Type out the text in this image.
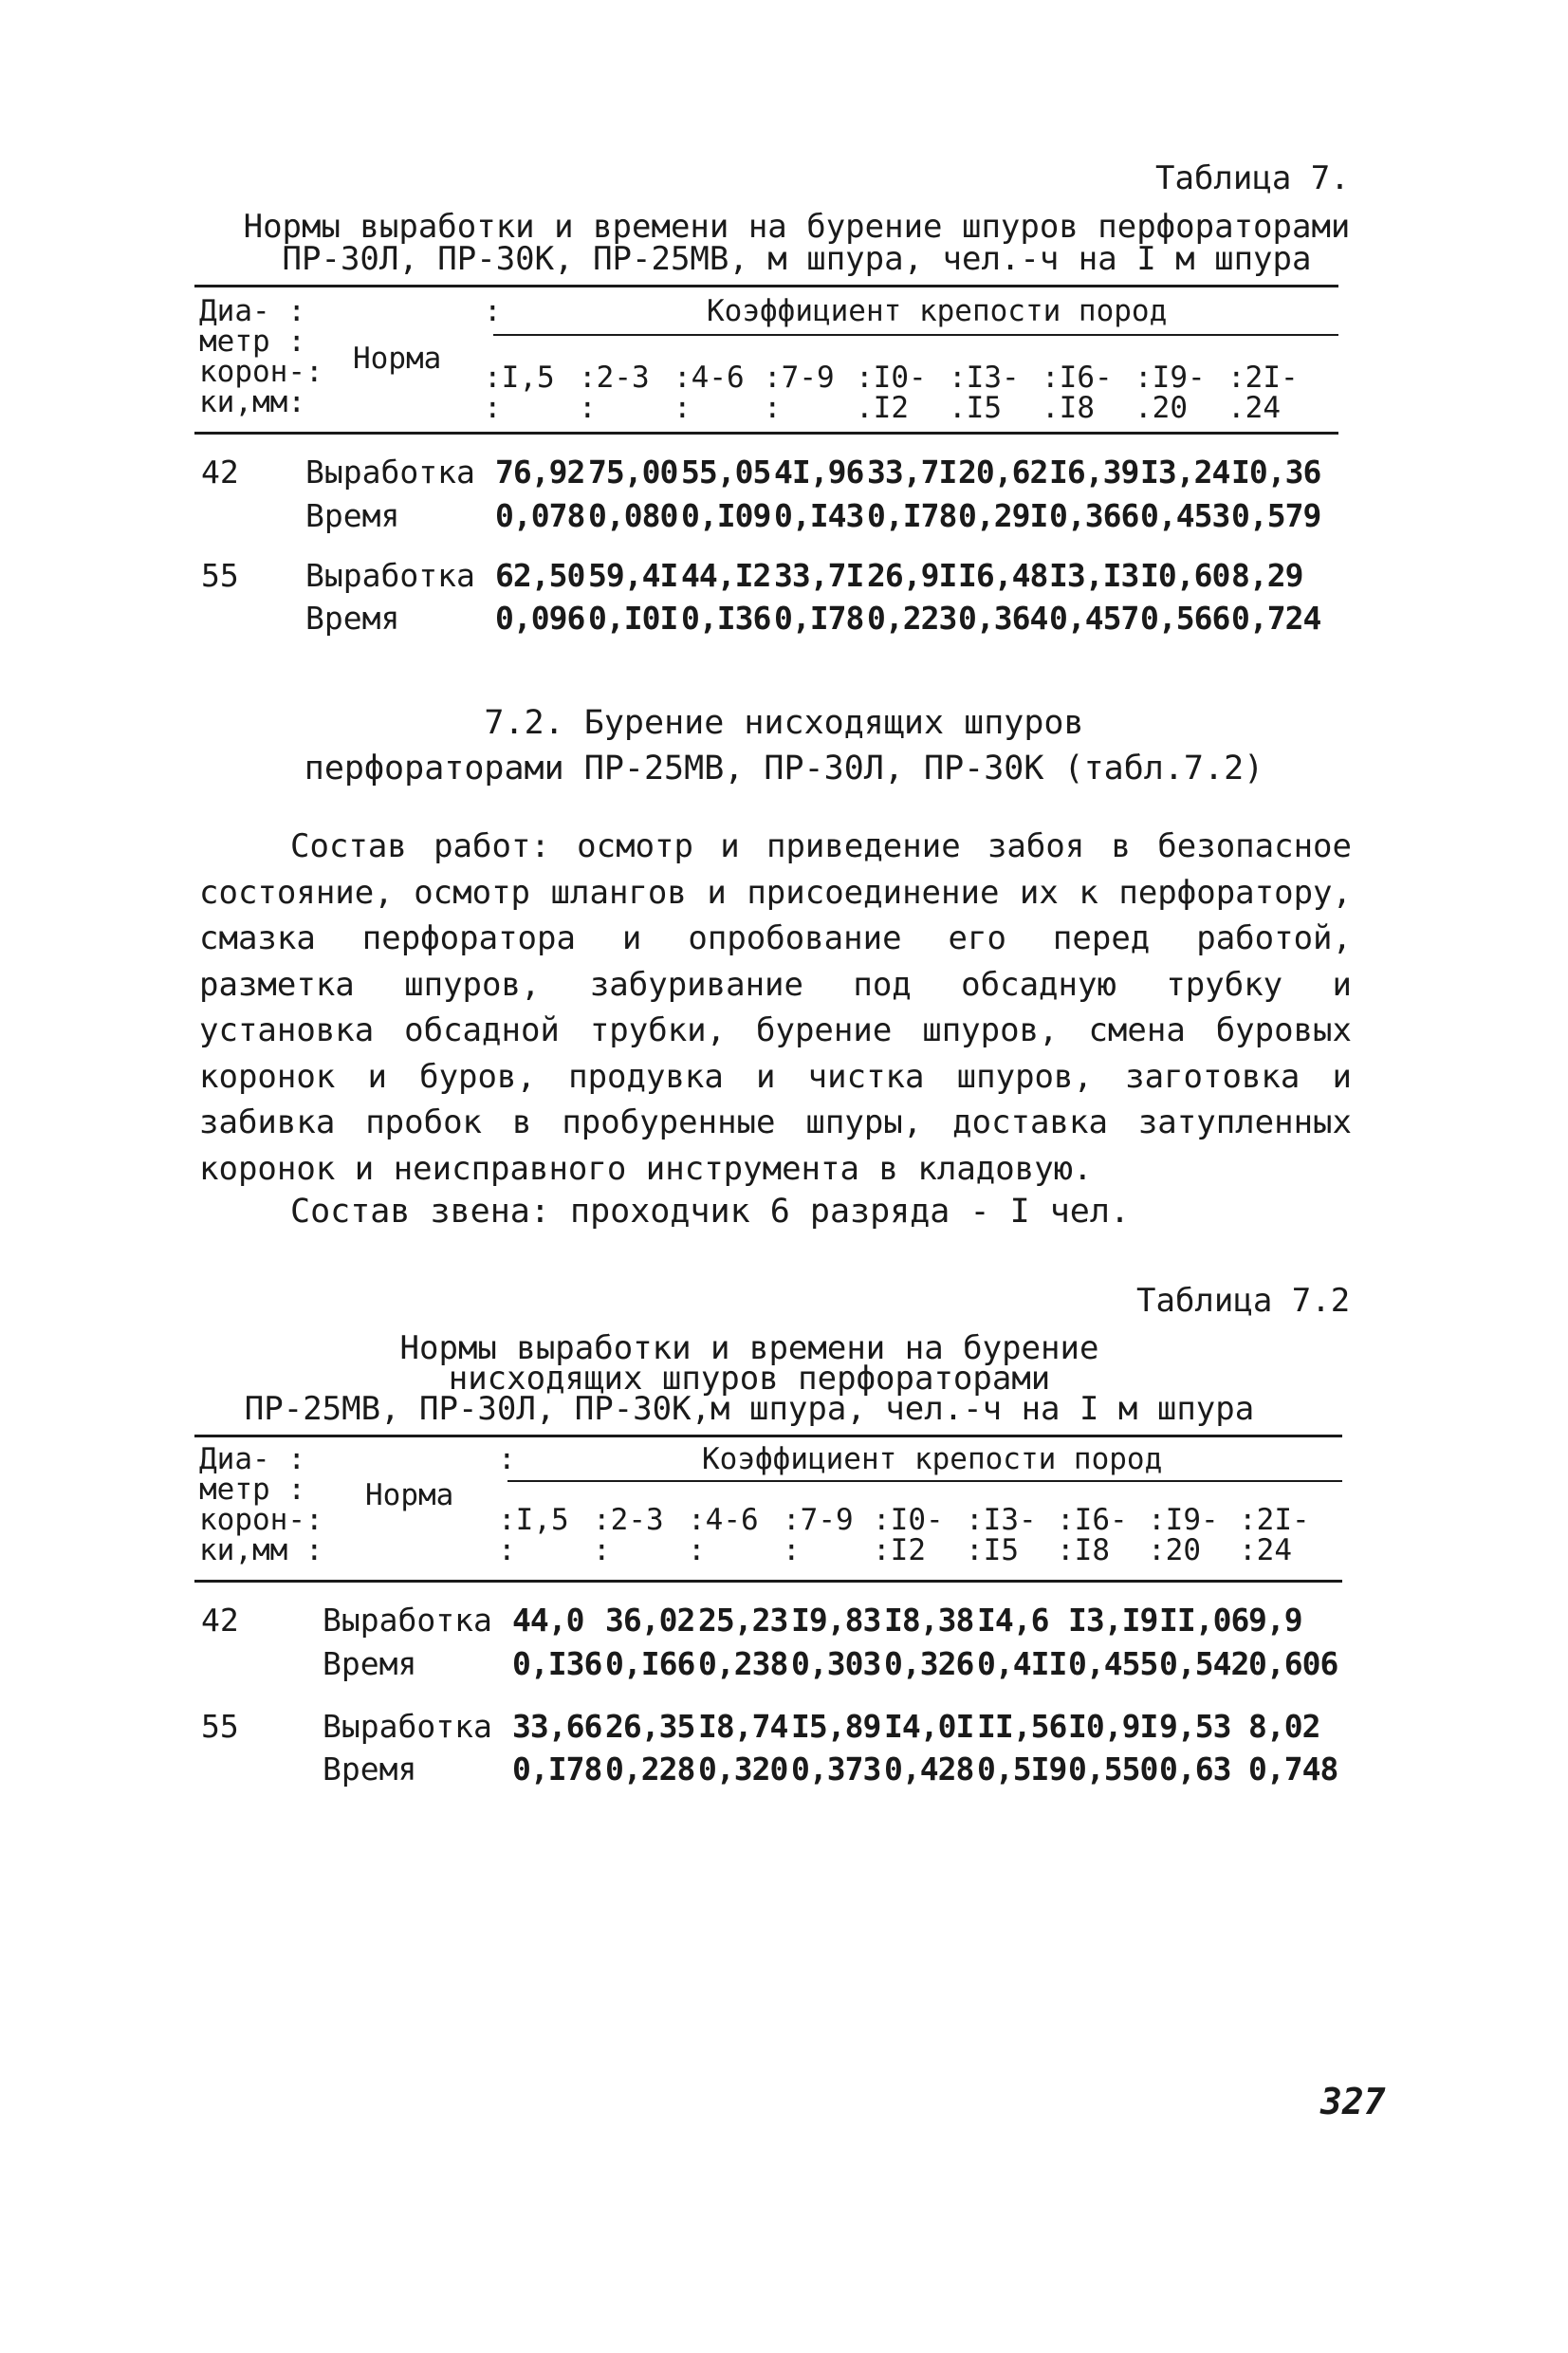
Таблица 7.
Нормы выработки и времени на бурение шпуров перфораторами
ПР-30Л, ПР-30К, ПР-25МВ, м шпура, чел.-ч на I м шпура
Диа- :
метр :
корон-:
ки,мм:
Норма
:	Коэффициент крепости пород
:I,5
:
:2-3
:
:4-6
:
:7-9
:
:I0-
.I2
:I3-
.I5
:I6-
.I8
:I9-
.20
:2I-
.24
42 Выработка 76,92 75,00 55,05 4I,96 33,7I 20,62 I6,39 I3,24 I0,36
Время	0,078 0,080 0,I09 0,I43 0,I78 0,29I 0,366 0,453 0,579
55 Выработка 62,50 59,4I 44,I2 33,7I 26,9I I6,48 I3,I3 I0,60 8,29
Время	0,096 0,I0I 0,I36 0,I78 0,223 0,364 0,457 0,566 0,724
7.2. Бурение нисходящих шпуров
перфораторами ПР-25МВ, ПР-30Л, ПР-30К (табл.7.2)
Состав работ: осмотр и приведение забоя в безопасное состояние, осмотр шлангов и присоединение их к перфоратору, смазка перфоратора и опробование его перед работой, разметка шпуров, забуривание под обсадную трубку и установка обсадной трубки, бурение шпуров, смена буровых коронок и буров, продувка и чистка шпуров, заготовка и забивка пробок в пробуренные шпуры, доставка затупленных коронок и неисправного инструмента в кладовую.
Состав звена: проходчик 6 разряда - I чел.
Таблица 7.2
Нормы выработки и времени на бурение
нисходящих шпуров перфораторами
ПР-25МВ, ПР-30Л, ПР-30К,м шпура, чел.-ч на I м шпура
Диа- :
метр :
корон-:
ки,мм :
Норма
:	Коэффициент крепости пород
:I,5
:
:2-3
:
:4-6
:
:7-9
:
:I0-
:I2
:I3-
:I5
:I6-
:I8
:I9-
:20
:2I-
:24
42	Выработка 44,0 36,02 25,23 I9,83 I8,38 I4,6 I3,I9 II,06 9,9
Время	0,I36 0,I66 0,238 0,303 0,326 0,4II 0,455 0,542 0,606
55	Выработка 33,66 26,35 I8,74 I5,89 I4,0I II,56 I0,9I 9,53 8,02
Время	0,I78 0,228 0,320 0,373 0,428 0,5I9 0,550 0,63 0,748
327
